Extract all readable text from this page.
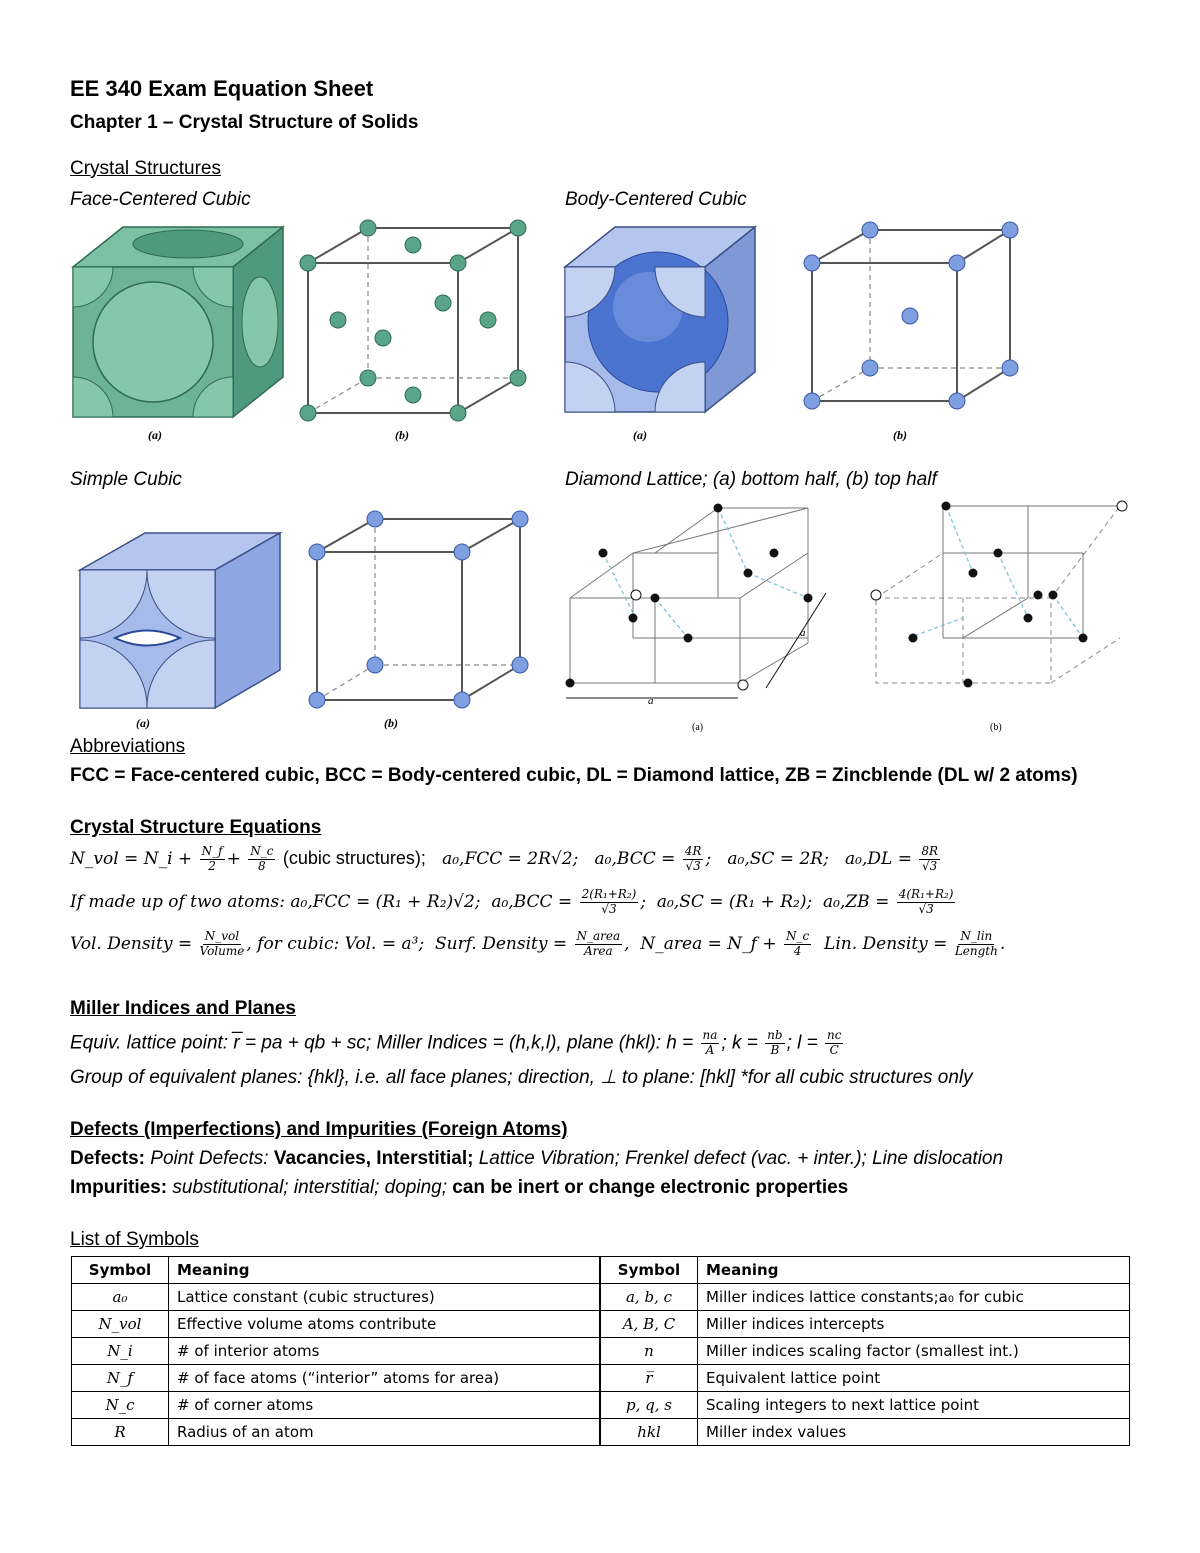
EE 340 Exam Equation Sheet
Chapter 1 – Crystal Structure of Solids
Crystal Structures
Face-Centered Cubic	Body-Centered Cubic
Simple Cubic	Diamond Lattice; (a) bottom half, (b) top half
(a)	(b)	(a)	(b)
(a)	(b)
a
a
(a)	(b)
Abbreviations
FCC = Face-centered cubic, BCC = Body-centered cubic, DL = Diamond lattice, ZB = Zincblende (DL w/ 2 atoms)
Crystal Structure Equations
N_vol = N_i + $\frac{N\_f}{2} + \frac{N\_c}{8}$ (cubic structures); a₀,FCC = 2R√2; $a_0,BCC = \frac{4R}{√3}$ ;   a₀,SC = 2R; $a_0,DL = \frac{8R}{√3}$
If made up of two atoms: a₀,FCC = (R₁ + R₂)√2; $a_0,BCC = \frac{\text{2(R₁+R₂)}}{√3}$ ;  a₀,SC = (R₁ + R₂); $a_0,ZB = \frac{\text{4(R₁+R₂)}}{√3}$
Vol. Density = $\frac{\text{N\_vol}}{\text{Volume}}$ , for cubic: Vol. = a³; Surf. Density = $\frac{\text{N\_area}}{\text{Area}}$ ,  N_area = N_f + $\frac{N\_c}{4}$ Lin. Density = $\frac{\text{N\_lin}}{\text{Length}}$ .
Miller Indices and Planes
Equiv. lattice point: r̅ = pa + qb + sc; Miller Indices = (h,k,l), plane (hkl): $h = \frac{na}{A}$ ; $k = \frac{nb}{B}$ ; $l = \frac{nc}{C}$
Group of equivalent planes: {hkl}, i.e. all face planes; direction, ⊥ to plane: [hkl] *for all cubic structures only
Defects (Imperfections) and Impurities (Foreign Atoms)
Defects: Point Defects: Vacancies, Interstitial; Lattice Vibration; Frenkel defect (vac. + inter.); Line dislocation
Impurities: substitutional; interstitial; doping; can be inert or change electronic properties
List of Symbols
Symbol	Meaning	Symbol	Meaning
a₀	Lattice constant (cubic structures)	a, b, c	Miller indices lattice constants;a₀ for cubic
N_vol	Effective volume atoms contribute	A, B, C	Miller indices intercepts
N_i	# of interior atoms	n	Miller indices scaling factor (smallest int.)
N_f	# of face atoms (“interior” atoms for area)	r̅	Equivalent lattice point
N_c	# of corner atoms	p, q, s	Scaling integers to next lattice point
R	Radius of an atom	hkl	Miller index values
